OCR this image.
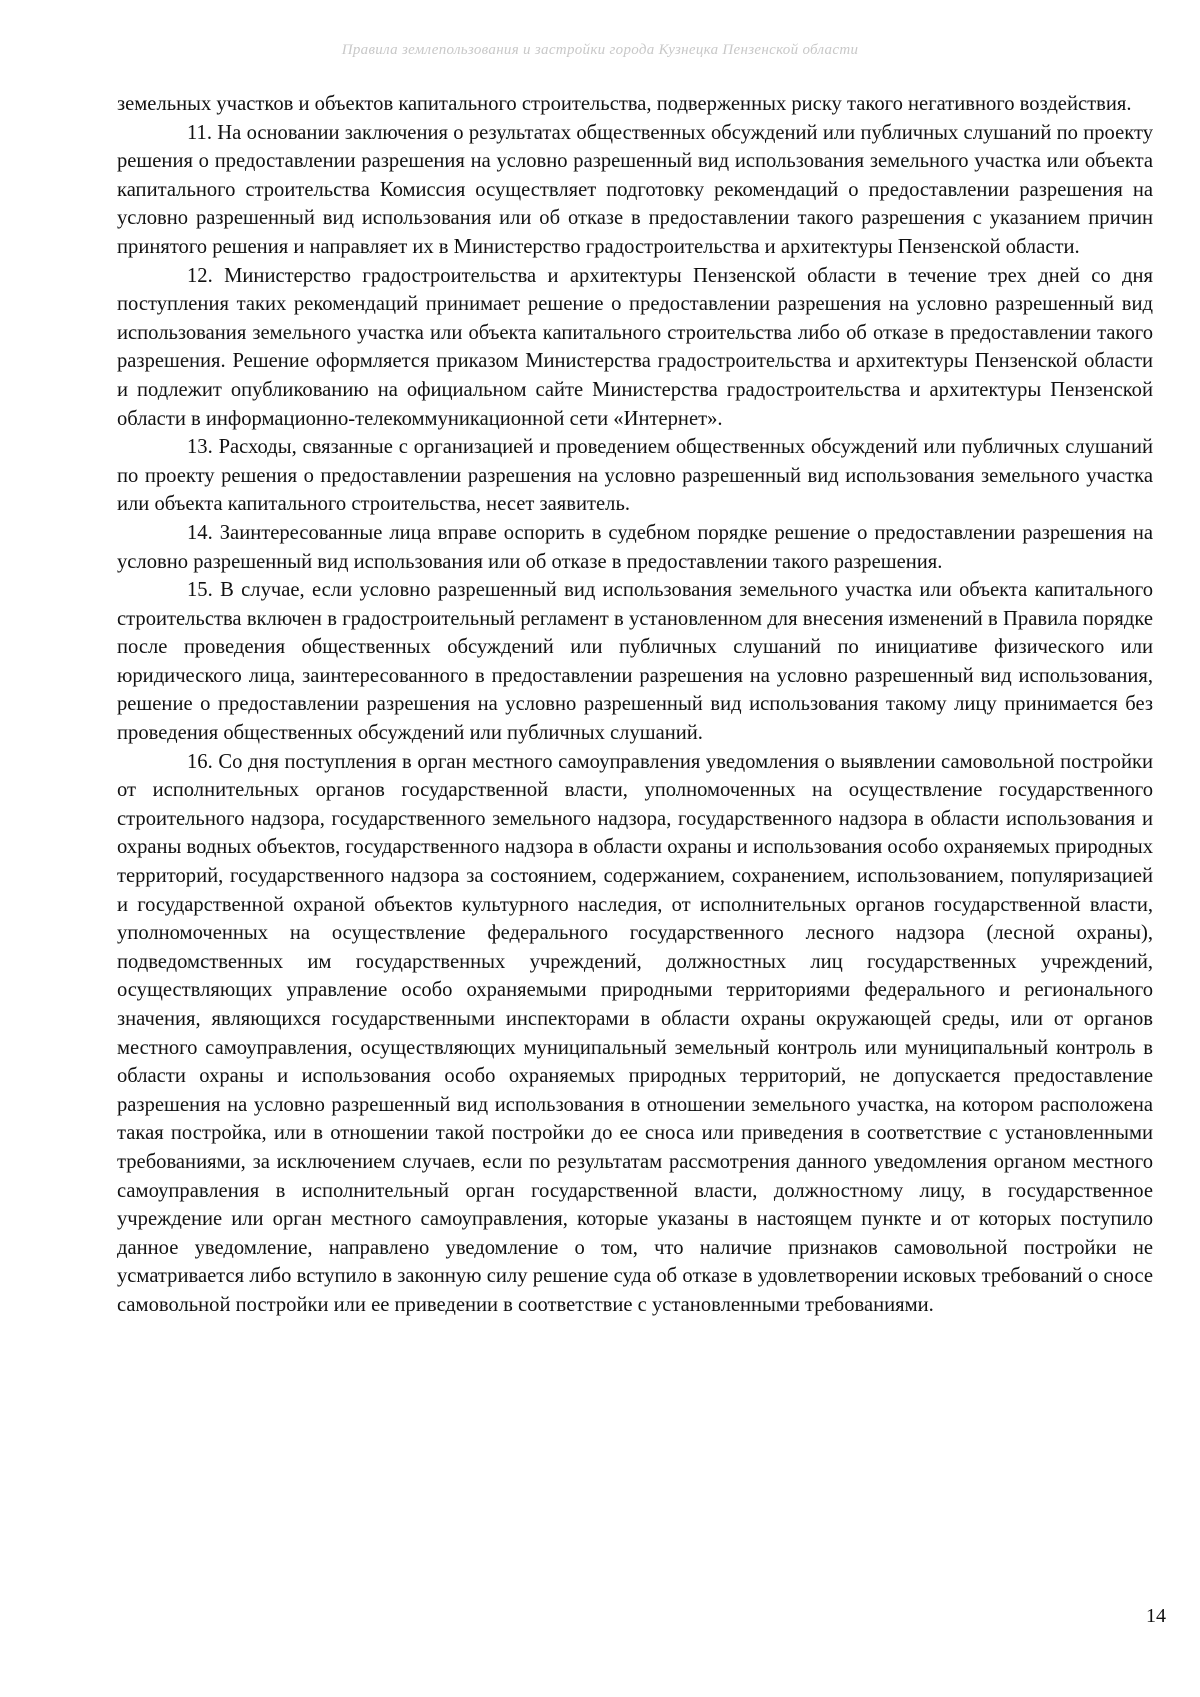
Правила землепользования и застройки города Кузнецка Пензенской области

земельных участков и объектов капитального строительства, подверженных риску такого негативного воздействия.

11. На основании заключения о результатах общественных обсуждений или публичных слушаний по проекту решения о предоставлении разрешения на условно разрешенный вид использования земельного участка или объекта капитального строительства Комиссия осуществляет подготовку рекомендаций о предоставлении разрешения на условно разрешенный вид использования или об отказе в предоставлении такого разрешения с указанием причин принятого решения и направляет их в Министерство градостроительства и архитектуры Пензенской области.

12. Министерство градостроительства и архитектуры Пензенской области в течение трех дней со дня поступления таких рекомендаций принимает решение о предоставлении разрешения на условно разрешенный вид использования земельного участка или объекта капитального строительства либо об отказе в предоставлении такого разрешения. Решение оформляется приказом Министерства градостроительства и архитектуры Пензенской области и подлежит опубликованию на официальном сайте Министерства градостроительства и архитектуры Пензенской области в информационно-телекоммуникационной сети «Интернет».

13. Расходы, связанные с организацией и проведением общественных обсуждений или публичных слушаний по проекту решения о предоставлении разрешения на условно разрешенный вид использования земельного участка или объекта капитального строительства, несет заявитель.

14. Заинтересованные лица вправе оспорить в судебном порядке решение о предоставлении разрешения на условно разрешенный вид использования или об отказе в предоставлении такого разрешения.

15. В случае, если условно разрешенный вид использования земельного участка или объекта капитального строительства включен в градостроительный регламент в установленном для внесения изменений в Правила порядке после проведения общественных обсуждений или публичных слушаний по инициативе физического или юридического лица, заинтересованного в предоставлении разрешения на условно разрешенный вид использования, решение о предоставлении разрешения на условно разрешенный вид использования такому лицу принимается без проведения общественных обсуждений или публичных слушаний.

16. Со дня поступления в орган местного самоуправления уведомления о выявлении самовольной постройки от исполнительных органов государственной власти, уполномоченных на осуществление государственного строительного надзора, государственного земельного надзора, государственного надзора в области использования и охраны водных объектов, государственного надзора в области охраны и использования особо охраняемых природных территорий, государственного надзора за состоянием, содержанием, сохранением, использованием, популяризацией и государственной охраной объектов культурного наследия, от исполнительных органов государственной власти, уполномоченных на осуществление федерального государственного лесного надзора (лесной охраны), подведомственных им государственных учреждений, должностных лиц государственных учреждений, осуществляющих управление особо охраняемыми природными территориями федерального и регионального значения, являющихся государственными инспекторами в области охраны окружающей среды, или от органов местного самоуправления, осуществляющих муниципальный земельный контроль или муниципальный контроль в области охраны и использования особо охраняемых природных территорий, не допускается предоставление разрешения на условно разрешенный вид использования в отношении земельного участка, на котором расположена такая постройка, или в отношении такой постройки до ее сноса или приведения в соответствие с установленными требованиями, за исключением случаев, если по результатам рассмотрения данного уведомления органом местного самоуправления в исполнительный орган государственной власти, должностному лицу, в государственное учреждение или орган местного самоуправления, которые указаны в настоящем пункте и от которых поступило данное уведомление, направлено уведомление о том, что наличие признаков самовольной постройки не усматривается либо вступило в законную силу решение суда об отказе в удовлетворении исковых требований о сносе самовольной постройки или ее приведении в соответствие с установленными требованиями.

14
